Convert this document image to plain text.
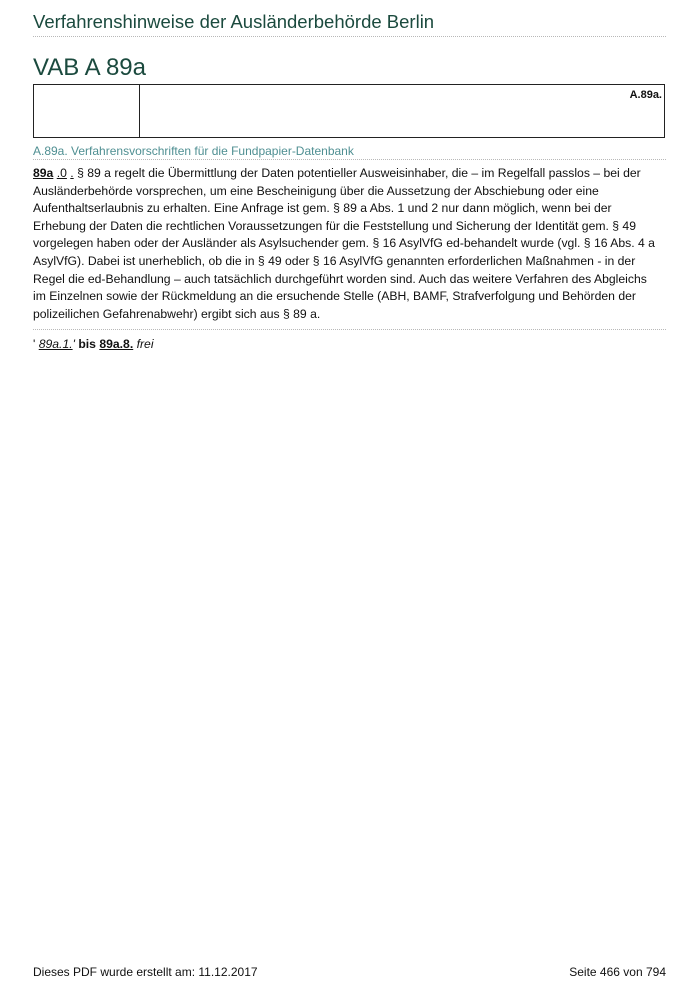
Verfahrenshinweise der Ausländerbehörde Berlin
VAB A 89a
A.89a.
A.89a. Verfahrensvorschriften für die Fundpapier-Datenbank
89a .0 . § 89 a regelt die Übermittlung der Daten potentieller Ausweisinhaber, die – im Regelfall passlos – bei der Ausländerbehörde vorsprechen, um eine Bescheinigung über die Aussetzung der Abschiebung oder eine Aufenthaltserlaubnis zu erhalten. Eine Anfrage ist gem. § 89 a Abs. 1 und 2 nur dann möglich, wenn bei der Erhebung der Daten die rechtlichen Voraussetzungen für die Feststellung und Sicherung der Identität gem. § 49 vorgelegen haben oder der Ausländer als Asylsuchender gem. § 16 AsylVfG ed-behandelt wurde (vgl. § 16 Abs. 4 a AsylVfG). Dabei ist unerheblich, ob die in § 49 oder § 16 AsylVfG genannten erforderlichen Maßnahmen - in der Regel die ed-Behandlung – auch tatsächlich durchgeführt worden sind. Auch das weitere Verfahren des Abgleichs im Einzelnen sowie der Rückmeldung an die ersuchende Stelle (ABH, BAMF, Strafverfolgung und Behörden der polizeilichen Gefahrenabwehr) ergibt sich aus § 89 a.
' 89a.1.' bis 89a.8. frei
Dieses PDF wurde erstellt am: 11.12.2017	Seite 466 von 794
